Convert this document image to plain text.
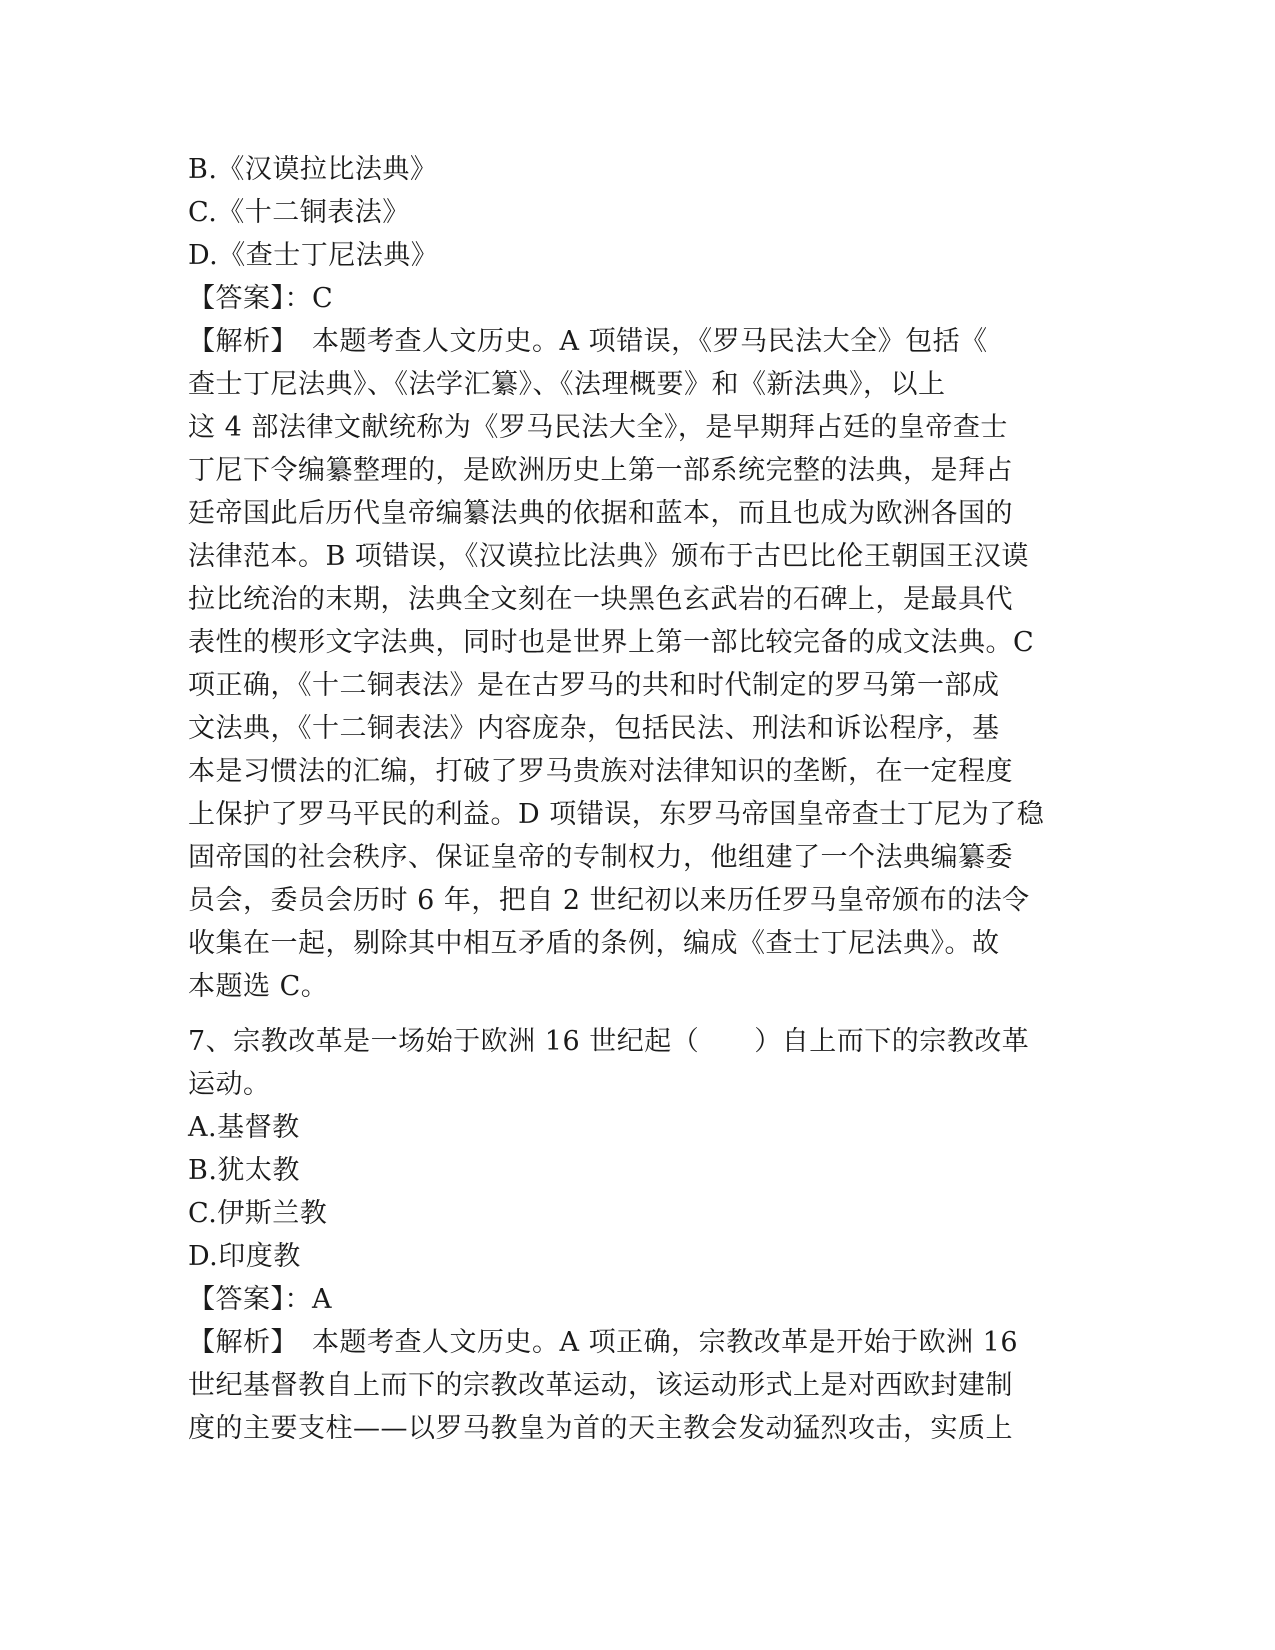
B.《汉谟拉比法典》
C.《十二铜表法》
D.《查士丁尼法典》
【答案】：C
【解析】　本题考查人文历史。A 项错误，《罗马民法大全》包括《
查士丁尼法典》、《法学汇纂》、《法理概要》和《新法典》，以上
这 4 部法律文献统称为《罗马民法大全》，是早期拜占廷的皇帝查士
丁尼下令编纂整理的，是欧洲历史上第一部系统完整的法典，是拜占
廷帝国此后历代皇帝编纂法典的依据和蓝本，而且也成为欧洲各国的
法律范本。B 项错误，《汉谟拉比法典》颁布于古巴比伦王朝国王汉谟
拉比统治的末期，法典全文刻在一块黑色玄武岩的石碑上，是最具代
表性的楔形文字法典，同时也是世界上第一部比较完备的成文法典。C
项正确，《十二铜表法》是在古罗马的共和时代制定的罗马第一部成
文法典，《十二铜表法》内容庞杂，包括民法、刑法和诉讼程序，基
本是习惯法的汇编，打破了罗马贵族对法律知识的垄断，在一定程度
上保护了罗马平民的利益。D 项错误，东罗马帝国皇帝查士丁尼为了稳
固帝国的社会秩序、保证皇帝的专制权力，他组建了一个法典编纂委
员会，委员会历时 6 年，把自 2 世纪初以来历任罗马皇帝颁布的法令
收集在一起，剔除其中相互矛盾的条例，编成《查士丁尼法典》。故
本题选 C。
7、宗教改革是一场始于欧洲 16 世纪起（　　）自上而下的宗教改革
运动。
A.基督教
B.犹太教
C.伊斯兰教
D.印度教
【答案】：A
【解析】　本题考查人文历史。A 项正确，宗教改革是开始于欧洲 16
世纪基督教自上而下的宗教改革运动，该运动形式上是对西欧封建制
度的主要支柱——以罗马教皇为首的天主教会发动猛烈攻击，实质上
